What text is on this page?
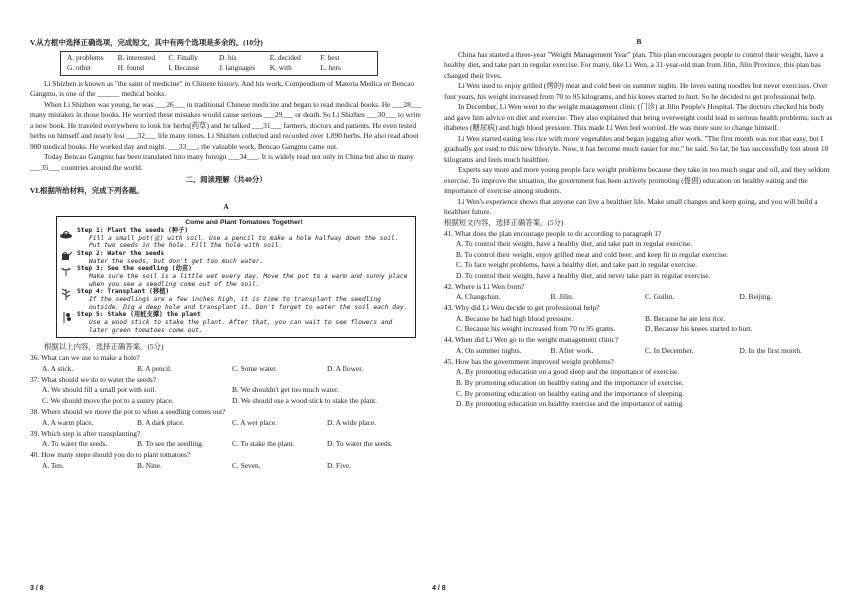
V.从方框中选择正确选项，完成短文，其中有两个选项是多余的。(10分)

A. problems	B. interested	C. Finally	D. his	E. decided	F. best
G. other	H. found	I. Because	J. languages	K. with	L. hers

Li Shizhen is known as "the saint of medicine" in Chinese history. And his work, Compendium of Materia Medica or Bencao Gangmu, is one of the ______ medical books.

When Li Shizhen was young, he was ___26___ in traditional Chinese medicine and began to read medical books. He ___28___ many mistakes in those books. He worried these mistakes would cause serious ___29___ or death. So Li Shizhen ___30___ to write a new book. He traveled everywhere to look for herbs(药草) and he talked ___31___ farmers, doctors and patients. He even tested herbs on himself and nearly lost ___32___ life many times. Li Shizhen collected and recorded over 1,890 herbs. He also read about 900 medical books. He worked day and night. ___33___, the valuable work, Bencao Gangmu came out.

Today Bencao Gangmu has been translated into many foreign ___34___. It is widely read not only in China but also in many ___35___ countries around the world.

二、阅读理解（共40分）

VI.根据所给材料，完成下列各题。

A

Come and Plant Tomatoes Together!

Step 1: Plant the seeds (种子)

Fill a small pot(盆) with soil. Use a pencil to make a hole halfway down the soil. Put two seeds in the hole. Fill the hole with soil.

Step 2: Water the seeds

Water the seeds, but don't get too much water.

Step 3: See the seedling (幼苗)

Make sure the soil is a little wet every day. Move the pot to a warm and sunny place when you see a seedling come out of the soil.

Step 4: Transplant (移植)

If the seedlings are a few inches high, it is time to transplant the seedling outside. Dig a deep hole and transplant it. Don't forget to water the soil each day.

Step 5: Stake (用桩支撑) the plant

Use a wood stick to stake the plant. After that, you can wait to see flowers and later green tomatoes come out.

根据以上内容，选择正确答案。(5分)

36. What can we use to make a hole?

A. A stick.	B. A pencil.	C. Some water.	D. A flower.

37. What should we do to water the seeds?

A. We should fill a small pot with soil.	B. We shouldn't get too much water.
C. We should move the pot to a sunny place.	D. We should use a wood stick to stake the plant.

38. Where should we move the pot to when a seedling comes out?

A. A warm place.	B. A dark place.	C. A wet place.	D. A wide place.

39. Which step is after transplanting?

A. To water the seeds.	B. To see the seedling.	C. To stake the plant.	D. To water the seeds.

40. How many steps should you do to plant tomatoes?

A. Ten.	B. Nine.	C. Seven.	D. Five.
3 / 8

B

China has started a three-year "Weight Management Year" plan. This plan encourages people to control their weight, have a healthy diet, and take part in regular exercise. For many, like Li Wen, a 31-year-old man from Jilin, Jilin Province, this plan has changed their lives.

Li Wen used to enjoy grilled (烤的) meat and cold beer on summer nights. He loves eating noodles but never exercises. Over four years, his weight increased from 70 to 95 kilograms, and his knees started to hurt. So he decided to get professional help.

In December, Li Wen went to the weight management clinic (门诊) at Jilin People's Hospital. The doctors checked his body and gave him advice on diet and exercise. They also explained that being overweight could lead to serious health problems, such as diabetes (糖尿病) and high blood pressure. This made Li Wen feel worried. He was more sure to change himself.

Li Wen started eating less rice with more vegetables and began jogging after work. "The first month was not that easy, but I gradually got used to this new lifestyle. Now, it has become much easier for me." he said. So far, he has successfully lost about 10 kilograms and feels much healthier.

Experts say more and more young people face weight problems because they take in too much sugar and oil, and they seldom exercise. To improve the situation, the government has been actively promoting (提倡) education on healthy eating and the importance of exercise among students.

Li Wen's experience shows that anyone can live a healthier life. Make small changes and keep going, and you will build a healthier future.

根据短文内容，选择正确答案。(5分)

41. What does the plan encourage people to do according to paragraph 1?

A. To control their weight, have a healthy diet, and take part in regular exercise.
B. To control their weight, enjoy grilled meat and cold beer, and keep fit in regular exercise.
C. To face weight problems, have a healthy diet, and take part in regular exercise.
D. To control their weight, have a healthy diet, and never take part in regular exercise.

42. Where is Li Wen from?

A. Changchun.	B. Jilin.	C. Guilin.	D. Beijing.

43. Why did Li Wen decide to get professional help?

A. Because he had high blood pressure.	B. Because he ate less rice.
C. Because his weight increased from 70 to 95 grams.	D. Because his knees started to hurt.

44. When did Li Wen go to the weight management clinic?

A. On summer nights.	B. After work.	C. In December.	D. In the first month.

45. How has the government improved weight problems?

A. By promoting education on a good sleep and the importance of exercise.
B. By promoting education on healthy eating and the importance of exercise.
C. By promoting education on healthy eating and the importance of sleeping.
D. By promoting education on healthy exercise and the importance of eating.
4 / 8
